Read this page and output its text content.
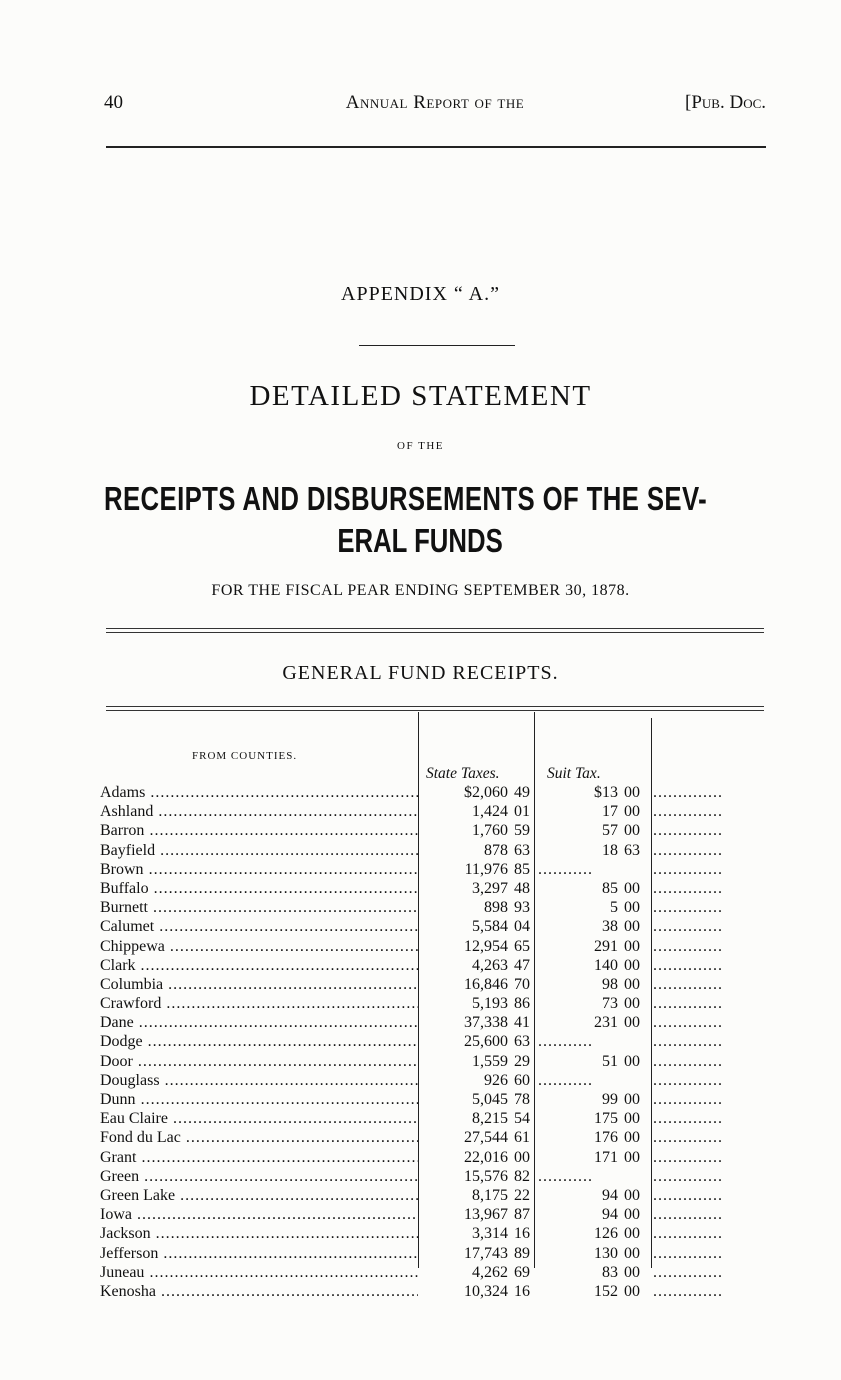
40	Annual Report of the	[Pub. Doc.
APPENDIX “ A.”
DETAILED STATEMENT
OF THE
RECEIPTS AND DISBURSEMENTS OF THE SEV-
ERAL FUNDS
FOR THE FISCAL PEAR ENDING SEPTEMBER 30, 1878.
GENERAL FUND RECEIPTS.
FROM COUNTIES.
State Taxes.	Suit Tax.
Adams .....	$2,060 49	$13 00 ..............
Ashland .....	1,424 01	17 00 ..............
Barron .....	1,760 59	57 00 ..............
Bayfield .....	878 63	18 63 ..............
Brown .....	11,976 85 ...........	..............
Buffalo .....	3,297 48	85 00 ..............
Burnett .....	898 93	5 00 ..............
Calumet .....	5,584 04	38 00 ..............
Chippewa .....	12,954 65	291 00 ..............
Clark .....	4,263 47	140 00 ..............
Columbia .....	16,846 70	98 00 ..............
Crawford .....	5,193 86	73 00 ..............
Dane .....	37,338 41	231 00 ..............
Dodge .....	25,600 63 ...........	..............
Door .....	1,559 29	51 00 ..............
Douglass .....	926 60 ...........	..............
Dunn .....	5,045 78	99 00 ..............
Eau Claire .....	8,215 54	175 00 ..............
Fond du Lac .....	27,544 61	176 00 ..............
Grant .....	22,016 00	171 00 ..............
Green .....	15,576 82 ...........	..............
Green Lake .....	8,175 22	94 00 ..............
Iowa .....	13,967 87	94 00 ..............
Jackson .....	3,314 16	126 00 ..............
Jefferson .....	17,743 89	130 00 ..............
Juneau .....	4,262 69	83 00 ..............
Kenosha .....	10,324 16	152 00 ..............
